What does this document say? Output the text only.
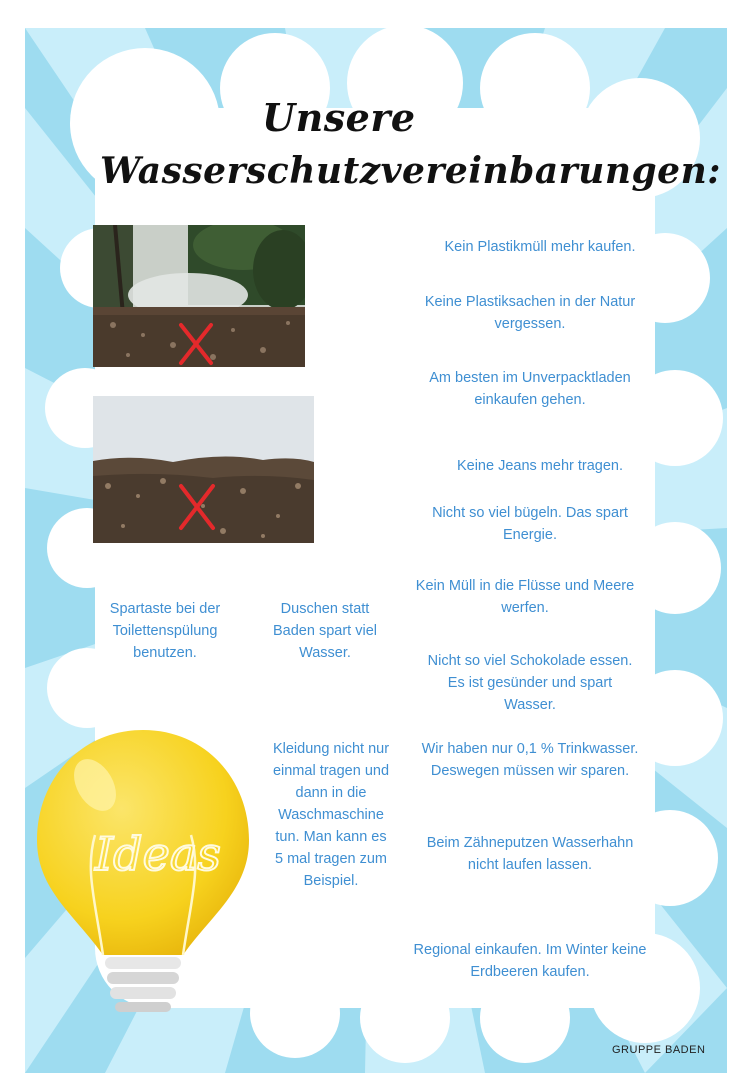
Unsere

Wasserschutzvereinbarungen:

Kein Plastikmüll mehr kaufen.

Keine Plastiksachen in der Natur vergessen.

Am besten im Unverpacktladen einkaufen gehen.

Keine Jeans mehr tragen.

Nicht so viel bügeln. Das spart Energie.

Kein Müll in die Flüsse und Meere werfen.

Nicht so viel Schokolade essen. Es ist gesünder und spart Wasser.

Wir haben nur 0,1 % Trinkwasser. Deswegen müssen wir sparen.

Beim Zähneputzen Wasserhahn nicht laufen lassen.

Regional einkaufen. Im Winter keine Erdbeeren kaufen.

Spartaste bei der Toilettenspülung benutzen.

Duschen statt Baden spart viel Wasser.

Kleidung nicht nur einmal tragen und dann in die Waschmaschine tun. Man kann es 5 mal tragen zum Beispiel.

Ideas

GRUPPE BADEN
